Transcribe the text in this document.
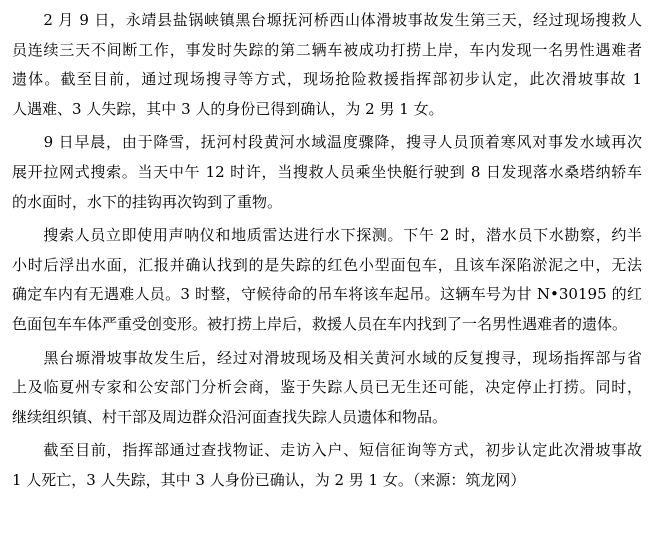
　　2 月 9 日，永靖县盐锅峡镇黑台塬抚河桥西山体滑坡事故发生第三天，经过现场搜救人
员连续三天不间断工作，事发时失踪的第二辆车被成功打捞上岸，车内发现一名男性遇难者
遗体。截至目前，通过现场搜寻等方式，现场抢险救援指挥部初步认定，此次滑坡事故 1
人遇难、3 人失踪，其中 3 人的身份已得到确认，为 2 男 1 女。
　　9 日早晨，由于降雪，抚河村段黄河水域温度骤降，搜寻人员顶着寒风对事发水域再次
展开拉网式搜索。当天中午 12 时许，当搜救人员乘坐快艇行驶到 8 日发现落水桑塔纳轿车
的水面时，水下的挂钩再次钩到了重物。
　　搜索人员立即使用声呐仪和地质雷达进行水下探测。下午 2 时，潜水员下水勘察，约半
小时后浮出水面，汇报并确认找到的是失踪的红色小型面包车，且该车深陷淤泥之中，无法
确定车内有无遇难人员。3 时整，守候待命的吊车将该车起吊。这辆车号为甘 N•30195 的红
色面包车车体严重受创变形。被打捞上岸后，救援人员在车内找到了一名男性遇难者的遗体。
　　黑台塬滑坡事故发生后，经过对滑坡现场及相关黄河水域的反复搜寻，现场指挥部与省
上及临夏州专家和公安部门分析会商，鉴于失踪人员已无生还可能，决定停止打捞。同时，
继续组织镇、村干部及周边群众沿河面查找失踪人员遗体和物品。
　　截至目前，指挥部通过查找物证、走访入户、短信征询等方式，初步认定此次滑坡事故
1 人死亡，3 人失踪，其中 3 人身份已确认，为 2 男 1 女。（来源：筑龙网）
